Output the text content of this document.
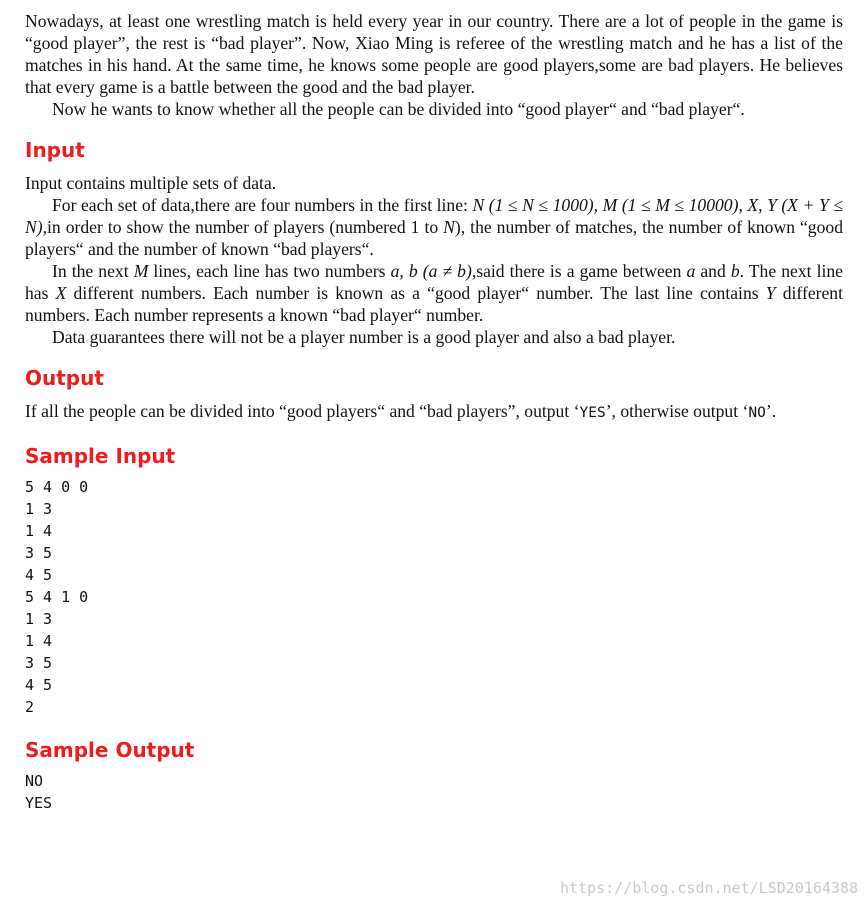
Nowadays, at least one wrestling match is held every year in our country. There are a lot of people in the game is “good player”, the rest is “bad player”. Now, Xiao Ming is referee of the wrestling match and he has a list of the matches in his hand. At the same time, he knows some people are good players,some are bad players. He believes that every game is a battle between the good and the bad player.

Now he wants to know whether all the people can be divided into “good player“ and “bad player“.

Input

Input contains multiple sets of data.

For each set of data,there are four numbers in the first line: N (1 ≤ N ≤ 1000), M (1 ≤ M ≤ 10000), X, Y (X + Y ≤ N),in order to show the number of players (numbered 1 to N), the number of matches, the number of known “good players“ and the number of known “bad players“.

In the next M lines, each line has two numbers a, b (a ≠ b),said there is a game between a and b. The next line has X different numbers. Each number is known as a “good player“ number. The last line contains Y different numbers. Each number represents a known “bad player“ number.

Data guarantees there will not be a player number is a good player and also a bad player.

Output

If all the people can be divided into “good players“ and “bad players”, output ‘YES’, otherwise output ‘NO’.

Sample Input

5 4 0 0

1 3

1 4

3 5

4 5

5 4 1 0

1 3

1 4

3 5

4 5

2

Sample Output

NO

YES

https://blog.csdn.net/LSD20164388
